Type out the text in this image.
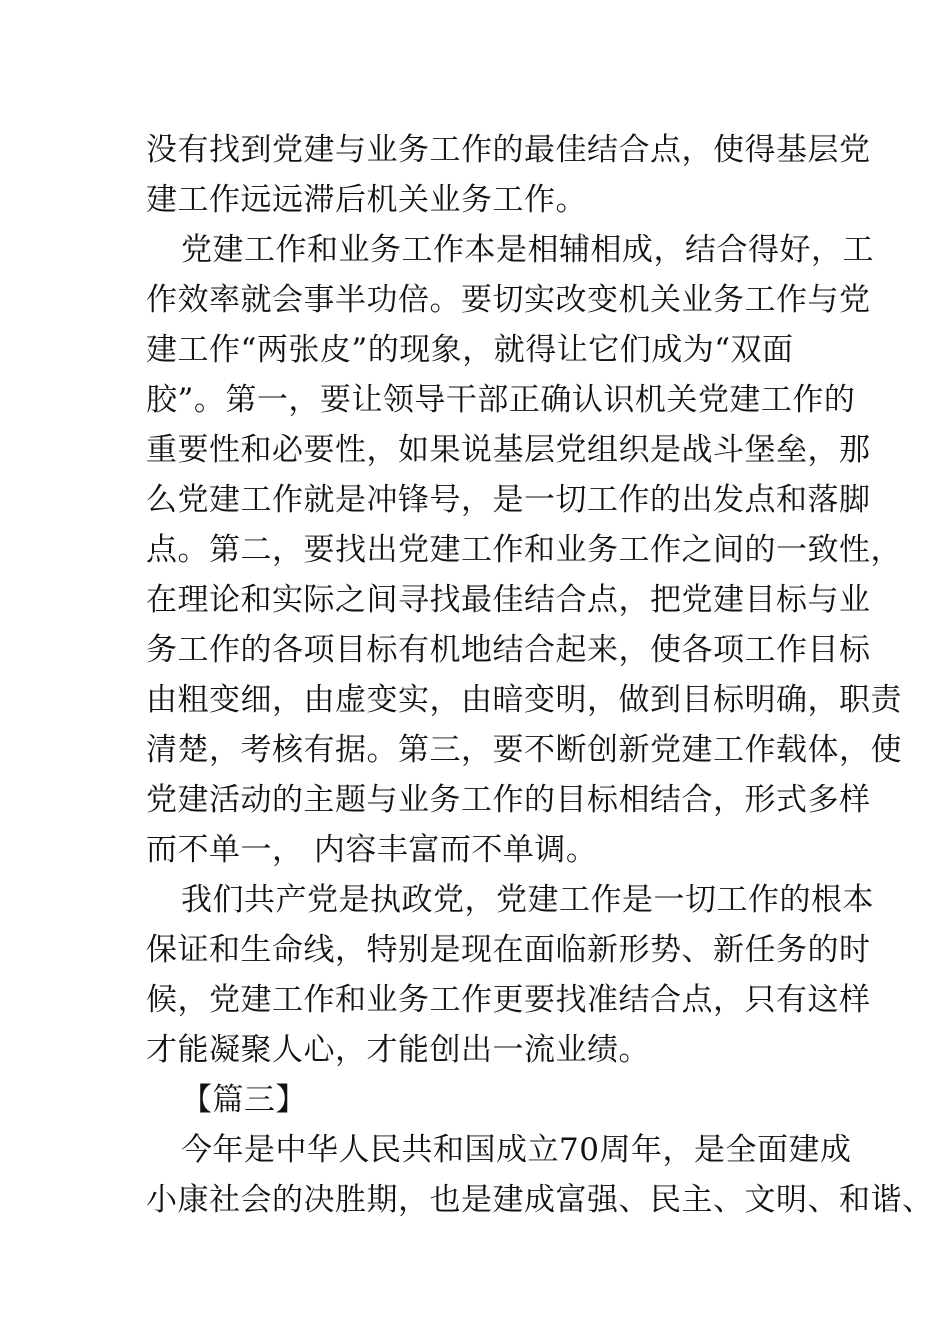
没有找到党建与业务工作的最佳结合点，使得基层党
建工作远远滞后机关业务工作。
党建工作和业务工作本是相辅相成，结合得好，工
作效率就会事半功倍。要切实改变机关业务工作与党
建工作“两张皮”的现象，就得让它们成为“双面
胶”。第一，要让领导干部正确认识机关党建工作的
重要性和必要性，如果说基层党组织是战斗堡垒，那
么党建工作就是冲锋号，是一切工作的出发点和落脚
点。第二，要找出党建工作和业务工作之间的一致性，
在理论和实际之间寻找最佳结合点，把党建目标与业
务工作的各项目标有机地结合起来，使各项工作目标
由粗变细，由虚变实，由暗变明，做到目标明确，职责
清楚，考核有据。第三，要不断创新党建工作载体，使
党建活动的主题与业务工作的目标相结合，形式多样
而不单一， 内容丰富而不单调。
我们共产党是执政党，党建工作是一切工作的根本
保证和生命线，特别是现在面临新形势、新任务的时
候，党建工作和业务工作更要找准结合点，只有这样
才能凝聚人心，才能创出一流业绩。
【篇三】
今年是中华人民共和国成立70周年，是全面建成
小康社会的决胜期，也是建成富强、民主、文明、和谐、
